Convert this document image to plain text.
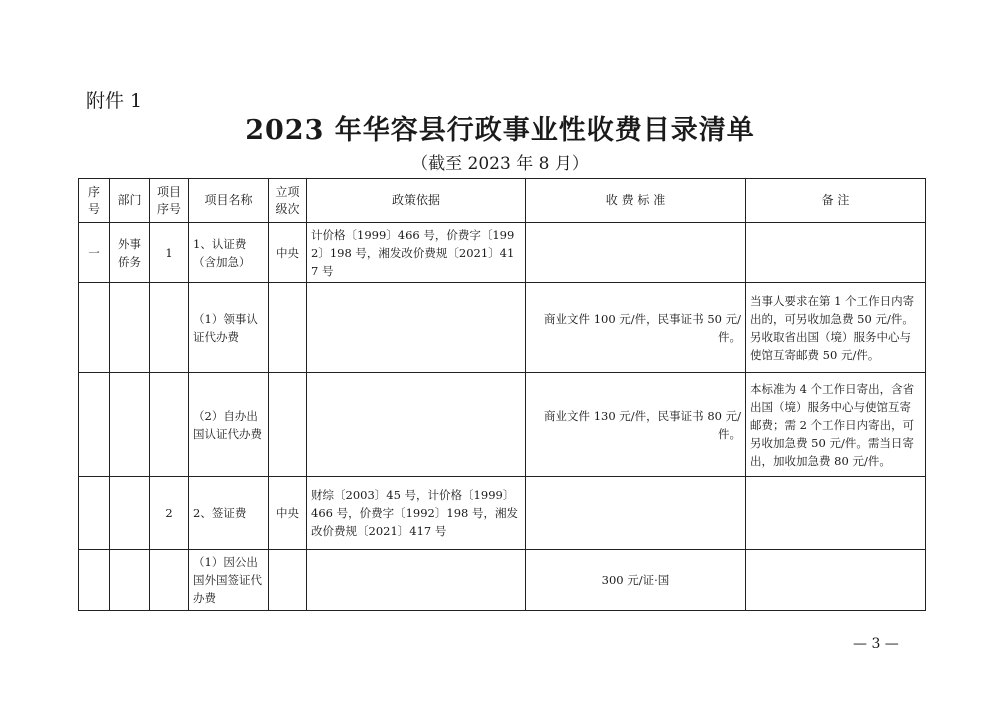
附件 1
2023 年华容县行政事业性收费目录清单
（截至 2023 年 8 月）
序号	部门	项目序号	项目名称	立项级次	政策依据	收 费 标 准	备 注
一	外事侨务	1	1、认证费（含加急）	中央	计价格〔1999〕466 号，价费字〔1992〕198 号，湘发改价费规〔2021〕417 号		
			（1）领事认证代办费			商业文件 100 元/件，民事证书 50 元/件。	当事人要求在第 1 个工作日内寄出的，可另收加急费 50 元/件。另收取省出国（境）服务中心与使馆互寄邮费 50 元/件。
			（2）自办出国认证代办费			商业文件 130 元/件，民事证书 80 元/件。	本标准为 4 个工作日寄出，含省出国（境）服务中心与使馆互寄邮费；需 2 个工作日内寄出，可另收加急费 50 元/件。需当日寄出，加收加急费 80 元/件。
		2	2、签证费	中央	财综〔2003〕45 号，计价格〔1999〕466 号，价费字〔1992〕198 号，湘发改价费规〔2021〕417 号		
			（1）因公出国外国签证代办费			300 元/证·国	
— 3 —
